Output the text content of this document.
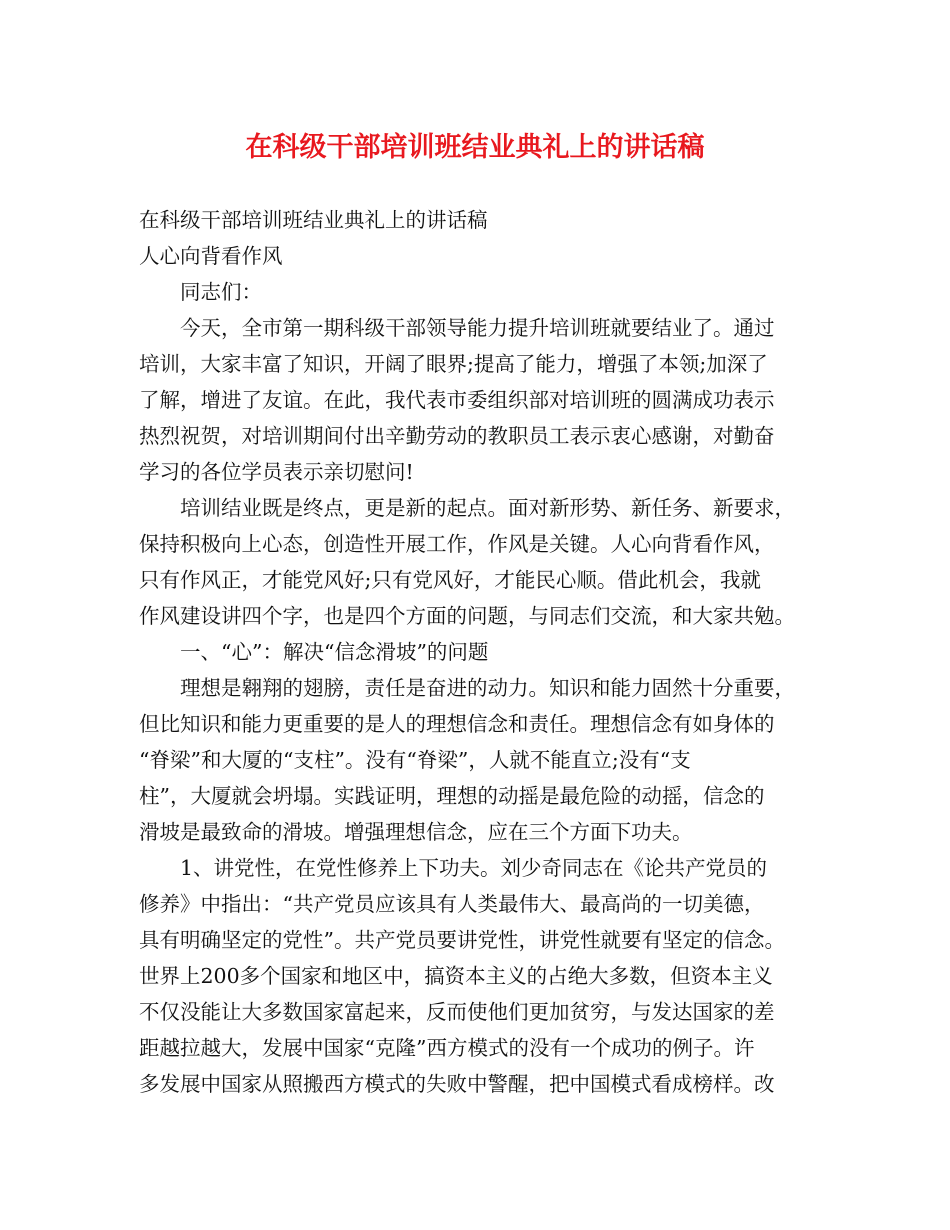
在科级干部培训班结业典礼上的讲话稿
在科级干部培训班结业典礼上的讲话稿
人心向背看作风
同志们：
今天，全市第一期科级干部领导能力提升培训班就要结业了。通过
培训，大家丰富了知识，开阔了眼界;提高了能力，增强了本领;加深了
了解，增进了友谊。在此，我代表市委组织部对培训班的圆满成功表示
热烈祝贺，对培训期间付出辛勤劳动的教职员工表示衷心感谢，对勤奋
学习的各位学员表示亲切慰问!
培训结业既是终点，更是新的起点。面对新形势、新任务、新要求，
保持积极向上心态，创造性开展工作，作风是关键。人心向背看作风，
只有作风正，才能党风好;只有党风好，才能民心顺。借此机会，我就
作风建设讲四个字，也是四个方面的问题，与同志们交流，和大家共勉。
一、“心”：解决“信念滑坡”的问题
理想是翱翔的翅膀，责任是奋进的动力。知识和能力固然十分重要，
但比知识和能力更重要的是人的理想信念和责任。理想信念有如身体的
“脊梁”和大厦的“支柱”。没有“脊梁”，人就不能直立;没有“支
柱”，大厦就会坍塌。实践证明，理想的动摇是最危险的动摇，信念的
滑坡是最致命的滑坡。增强理想信念，应在三个方面下功夫。
1、讲党性，在党性修养上下功夫。刘少奇同志在《论共产党员的
修养》中指出：“共产党员应该具有人类最伟大、最高尚的一切美德，
具有明确坚定的党性”。共产党员要讲党性，讲党性就要有坚定的信念。
世界上200多个国家和地区中，搞资本主义的占绝大多数，但资本主义
不仅没能让大多数国家富起来，反而使他们更加贫穷，与发达国家的差
距越拉越大，发展中国家“克隆”西方模式的没有一个成功的例子。许
多发展中国家从照搬西方模式的失败中警醒，把中国模式看成榜样。改
